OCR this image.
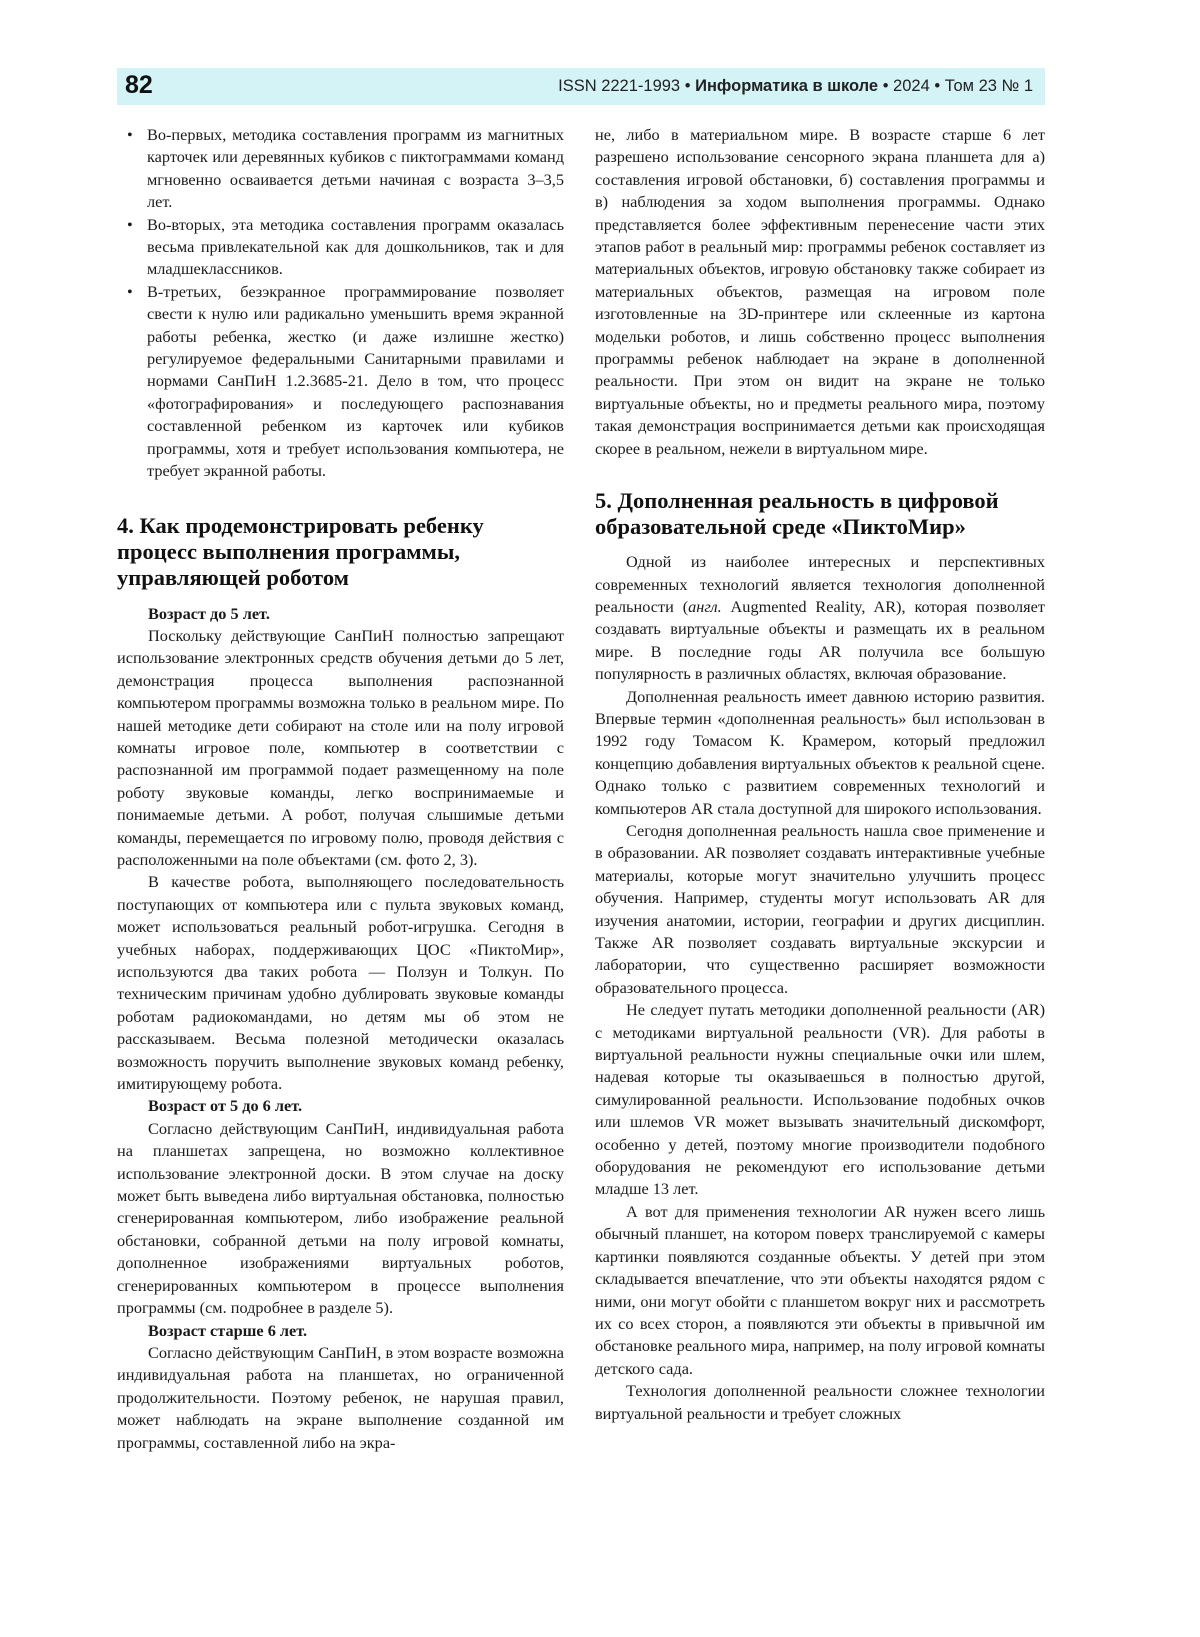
82	ISSN 2221-1993 • Информатика в школе • 2024 • Том 23 № 1
• Во-первых, методика составления программ из магнитных карточек или деревянных кубиков с пиктограммами команд мгновенно осваивается детьми начиная с возраста 3–3,5 лет.
• Во-вторых, эта методика составления программ оказалась весьма привлекательной как для дошкольников, так и для младшеклассников.
• В-третьих, безэкранное программирование позволяет свести к нулю или радикально уменьшить время экранной работы ребенка, жестко (и даже излишне жестко) регулируемое федеральными Санитарными правилами и нормами СанПиН 1.2.3685-21. Дело в том, что процесс «фотографирования» и последующего распознавания составленной ребенком из карточек или кубиков программы, хотя и требует использования компьютера, не требует экранной работы.
4. Как продемонстрировать ребенку процесс выполнения программы, управляющей роботом

Возраст до 5 лет.

Поскольку действующие СанПиН полностью запрещают использование электронных средств обучения детьми до 5 лет, демонстрация процесса выполнения распознанной компьютером программы возможна только в реальном мире. По нашей методике дети собирают на столе или на полу игровой комнаты игровое поле, компьютер в соответствии с распознанной им программой подает размещенному на поле роботу звуковые команды, легко воспринимаемые и понимаемые детьми. А робот, получая слышимые детьми команды, перемещается по игровому полю, проводя действия с расположенными на поле объектами (см. фото 2, 3).

В качестве робота, выполняющего последовательность поступающих от компьютера или с пульта звуковых команд, может использоваться реальный робот-игрушка. Сегодня в учебных наборах, поддерживающих ЦОС «ПиктоМир», используются два таких робота — Ползун и Толкун. По техническим причинам удобно дублировать звуковые команды роботам радиокомандами, но детям мы об этом не рассказываем. Весьма полезной методически оказалась возможность поручить выполнение звуковых команд ребенку, имитирующему робота.

Возраст от 5 до 6 лет.

Согласно действующим СанПиН, индивидуальная работа на планшетах запрещена, но возможно коллективное использование электронной доски. В этом случае на доску может быть выведена либо виртуальная обстановка, полностью сгенерированная компьютером, либо изображение реальной обстановки, собранной детьми на полу игровой комнаты, дополненное изображениями виртуальных роботов, сгенерированных компьютером в процессе выполнения программы (см. подробнее в разделе 5).

Возраст старше 6 лет.

Согласно действующим СанПиН, в этом возрасте возможна индивидуальная работа на планшетах, но ограниченной продолжительности. Поэтому ребенок, не нарушая правил, может наблюдать на экране выполнение созданной им программы, составленной либо на экра-

не, либо в материальном мире. В возрасте старше 6 лет разрешено использование сенсорного экрана планшета для а) составления игровой обстановки, б) составления программы и в) наблюдения за ходом выполнения программы. Однако представляется более эффективным перенесение части этих этапов работ в реальный мир: программы ребенок составляет из материальных объектов, игровую обстановку также собирает из материальных объектов, размещая на игровом поле изготовленные на 3D-принтере или склеенные из картона модельки роботов, и лишь собственно процесс выполнения программы ребенок наблюдает на экране в дополненной реальности. При этом он видит на экране не только виртуальные объекты, но и предметы реального мира, поэтому такая демонстрация воспринимается детьми как происходящая скорее в реальном, нежели в виртуальном мире.

5. Дополненная реальность в цифровой образовательной среде «ПиктоМир»

Одной из наиболее интересных и перспективных современных технологий является технология дополненной реальности (англ. Augmented Reality, AR), которая позволяет создавать виртуальные объекты и размещать их в реальном мире. В последние годы AR получила все большую популярность в различных областях, включая образование.

Дополненная реальность имеет давнюю историю развития. Впервые термин «дополненная реальность» был использован в 1992 году Томасом К. Крамером, который предложил концепцию добавления виртуальных объектов к реальной сцене. Однако только с развитием современных технологий и компьютеров AR стала доступной для широкого использования.

Сегодня дополненная реальность нашла свое применение и в образовании. AR позволяет создавать интерактивные учебные материалы, которые могут значительно улучшить процесс обучения. Например, студенты могут использовать AR для изучения анатомии, истории, географии и других дисциплин. Также AR позволяет создавать виртуальные экскурсии и лаборатории, что существенно расширяет возможности образовательного процесса.

Не следует путать методики дополненной реальности (AR) с методиками виртуальной реальности (VR). Для работы в виртуальной реальности нужны специальные очки или шлем, надевая которые ты оказываешься в полностью другой, симулированной реальности. Использование подобных очков или шлемов VR может вызывать значительный дискомфорт, особенно у детей, поэтому многие производители подобного оборудования не рекомендуют его использование детьми младше 13 лет.

А вот для применения технологии AR нужен всего лишь обычный планшет, на котором поверх транслируемой с камеры картинки появляются созданные объекты. У детей при этом складывается впечатление, что эти объекты находятся рядом с ними, они могут обойти с планшетом вокруг них и рассмотреть их со всех сторон, а появляются эти объекты в привычной им обстановке реального мира, например, на полу игровой комнаты детского сада.

Технология дополненной реальности сложнее технологии виртуальной реальности и требует сложных
